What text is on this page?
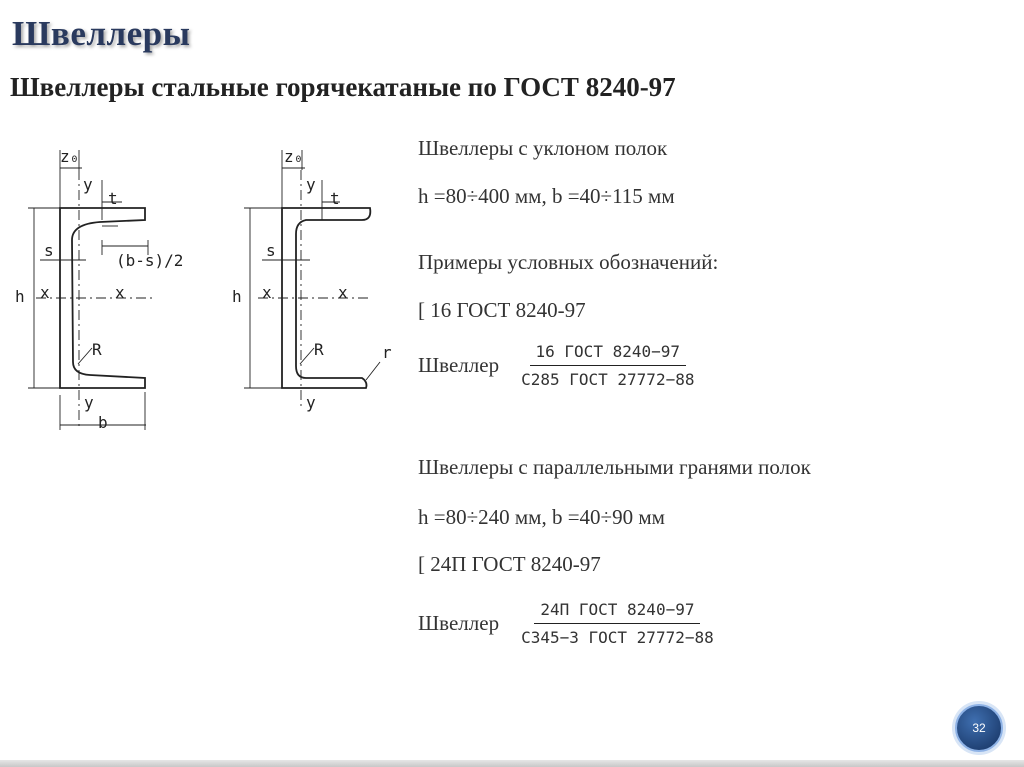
Швеллеры
Швеллеры стальные горячекатаные по ГОСТ 8240-97
z₀
y
t
s
(b-s)/2
h x	x
R
y
b
z₀
y
t
s
h x	x
R	r
y
Швеллеры с уклоном полок
h =80÷400 мм, b =40÷115 мм
Примеры условных обозначений:
[ 16 ГОСТ 8240-97
Швеллер $\frac{\text{16 ГОСТ 8240−97}}{\text{С285 ГОСТ 27772−88}}$
Швеллеры с параллельными гранями полок
h =80÷240 мм, b =40÷90 мм
[ 24П ГОСТ 8240-97
Швеллер $\frac{\text{24П ГОСТ 8240−97}}{\text{С345−3 ГОСТ 27772−88}}$
32
